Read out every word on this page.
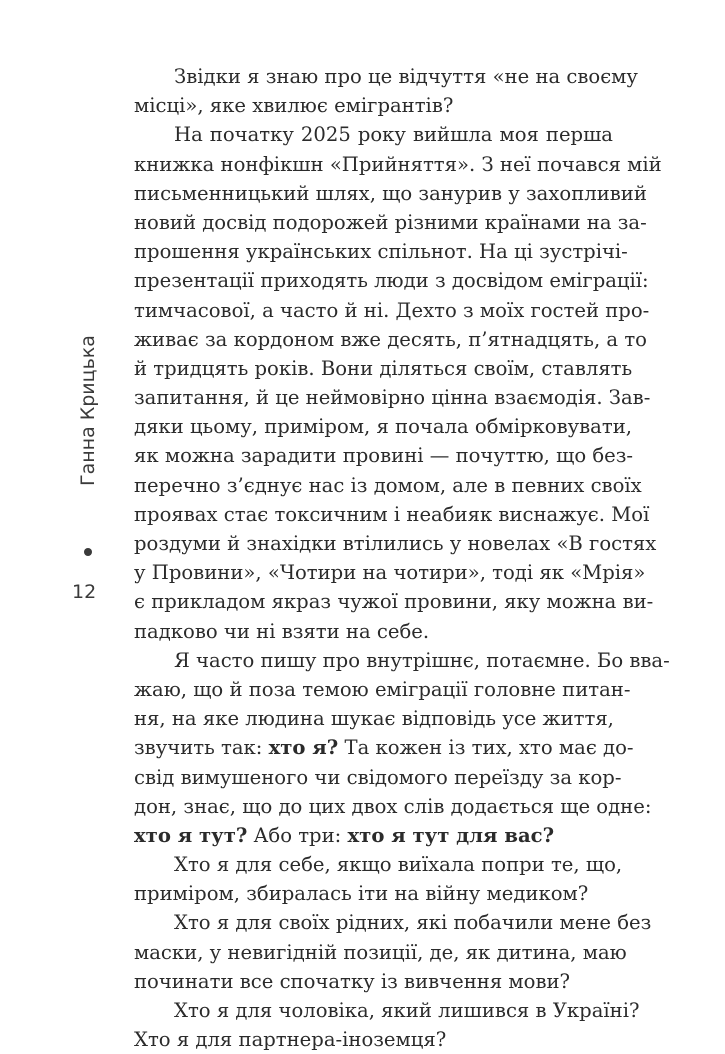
Ганна Крицька
12
Звідки я знаю про це відчуття «не на своєму
місці», яке хвилює емігрантів?
На початку 2025 року вийшла моя перша
книжка нонфікшн «Прийняття». З неї почався мій
письменницький шлях, що занурив у захопливий
новий досвід подорожей різними країнами на за-
прошення українських спільнот. На ці зустрічі-
презентації приходять люди з досвідом еміграції:
тимчасової, а часто й ні. Дехто з моїх гостей про-
живає за кордоном вже десять, п’ятнадцять, а то
й тридцять років. Вони діляться своїм, ставлять
запитання, й це неймовірно цінна взаємодія. Зав-
дяки цьому, приміром, я почала обмірковувати,
як можна зарадити провині — почуттю, що без-
перечно з’єднує нас із домом, але в певних своїх
проявах стає токсичним і неабияк виснажує. Мої
роздуми й знахідки втілились у новелах «В гостях
у Провини», «Чотири на чотири», тоді як «Мрія»
є прикладом якраз чужої провини, яку можна ви-
падково чи ні взяти на себе.
Я часто пишу про внутрішнє, потаємне. Бо вва-
жаю, що й поза темою еміграції головне питан-
ня, на яке людина шукає відповідь усе життя,
звучить так: хто я? Та кожен із тих, хто має до-
свід вимушеного чи свідомого переїзду за кор-
дон, знає, що до цих двох слів додається ще одне:
хто я тут? Або три: хто я тут для вас?
Хто я для себе, якщо виїхала попри те, що,
приміром, збиралась іти на війну медиком?
Хто я для своїх рідних, які побачили мене без
маски, у невигідній позиції, де, як дитина, маю
починати все спочатку із вивчення мови?
Хто я для чоловіка, який лишився в Україні?
Хто я для партнера-іноземця?
